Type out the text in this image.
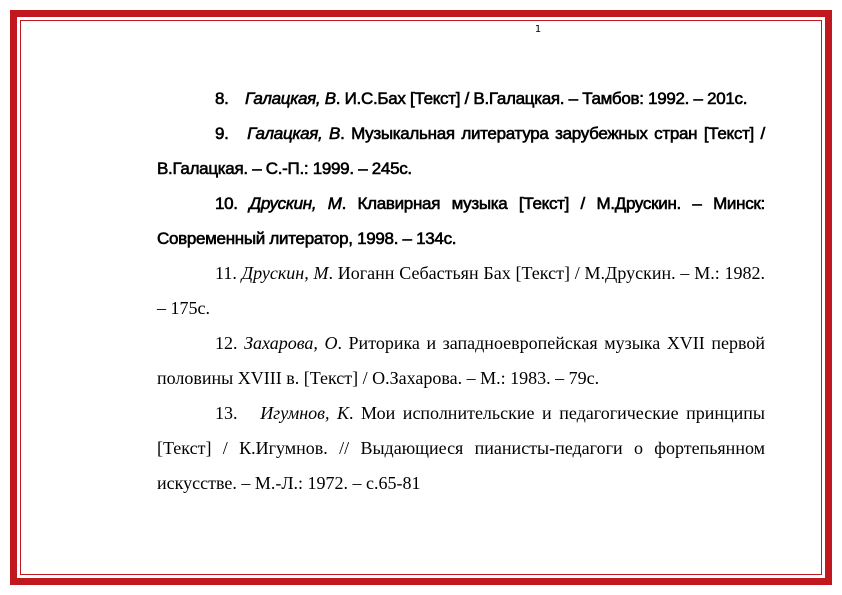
1

8. Галацкая, В. И.С.Бах [Текст] / В.Галацкая. – Тамбов: 1992. – 201с.

9. Галацкая, В. Музыкальная литература зарубежных стран [Текст] / В.Галацкая. – С.-П.: 1999. – 245с.

10. Друскин, М. Клавирная музыка [Текст] / М.Друскин. – Минск: Современный литератор, 1998. – 134с.

11. Друскин, М. Иоганн Себастьян Бах [Текст] / М.Друскин. – М.: 1982. – 175с.

12. Захарова, О. Риторика и западноевропейская музыка XVII первой половины XVIII в. [Текст] / О.Захарова. – М.: 1983. – 79с.

13. Игумнов, К. Мои исполнительские и педагогические принципы [Текст] / К.Игумнов. // Выдающиеся пианисты-педагоги о фортепьянном искусстве. – М.-Л.: 1972. – с.65-81
